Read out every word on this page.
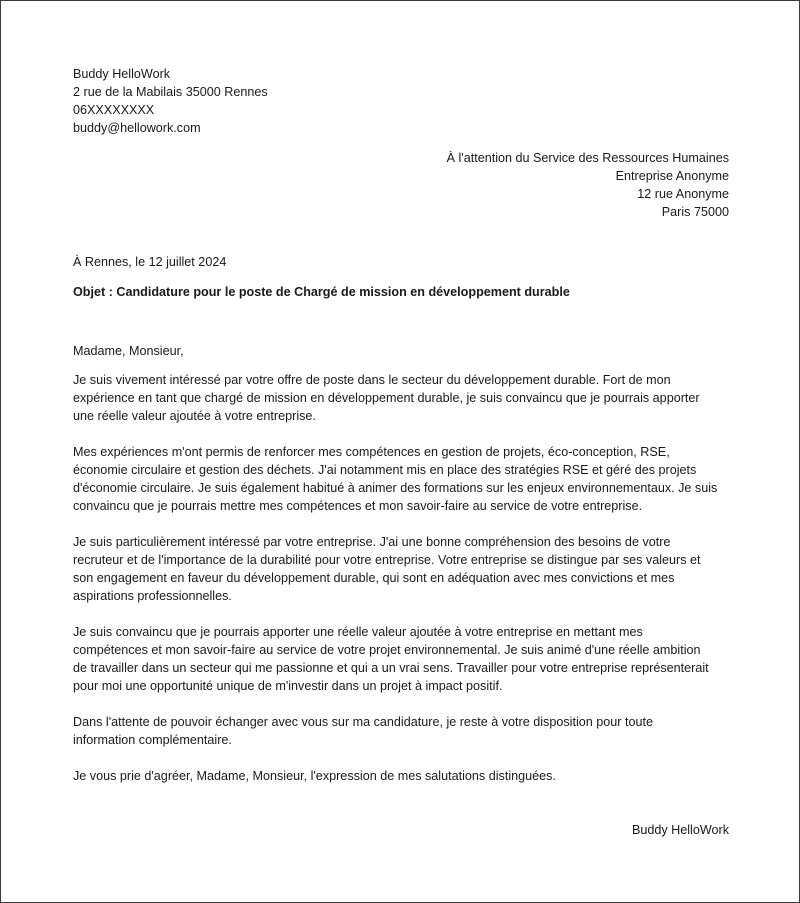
Buddy HelloWork
2 rue de la Mabilais 35000 Rennes
06XXXXXXXX
buddy@hellowork.com
À l'attention du Service des Ressources Humaines
Entreprise Anonyme
12 rue Anonyme
Paris 75000
À Rennes, le 12 juillet 2024
Objet : Candidature pour le poste de Chargé de mission en développement durable
Madame, Monsieur,

Je suis vivement intéressé par votre offre de poste dans le secteur du développement durable. Fort de mon
expérience en tant que chargé de mission en développement durable, je suis convaincu que je pourrais apporter
une réelle valeur ajoutée à votre entreprise.

Mes expériences m'ont permis de renforcer mes compétences en gestion de projets, éco-conception, RSE,
économie circulaire et gestion des déchets. J'ai notamment mis en place des stratégies RSE et géré des projets
d'économie circulaire. Je suis également habitué à animer des formations sur les enjeux environnementaux. Je suis
convaincu que je pourrais mettre mes compétences et mon savoir-faire au service de votre entreprise.

Je suis particulièrement intéressé par votre entreprise. J'ai une bonne compréhension des besoins de votre
recruteur et de l'importance de la durabilité pour votre entreprise. Votre entreprise se distingue par ses valeurs et
son engagement en faveur du développement durable, qui sont en adéquation avec mes convictions et mes
aspirations professionnelles.

Je suis convaincu que je pourrais apporter une réelle valeur ajoutée à votre entreprise en mettant mes
compétences et mon savoir-faire au service de votre projet environnemental. Je suis animé d'une réelle ambition
de travailler dans un secteur qui me passionne et qui a un vrai sens. Travailler pour votre entreprise représenterait
pour moi une opportunité unique de m'investir dans un projet à impact positif.

Dans l'attente de pouvoir échanger avec vous sur ma candidature, je reste à votre disposition pour toute
information complémentaire.

Je vous prie d'agréer, Madame, Monsieur, l'expression de mes salutations distinguées.
Buddy HelloWork
